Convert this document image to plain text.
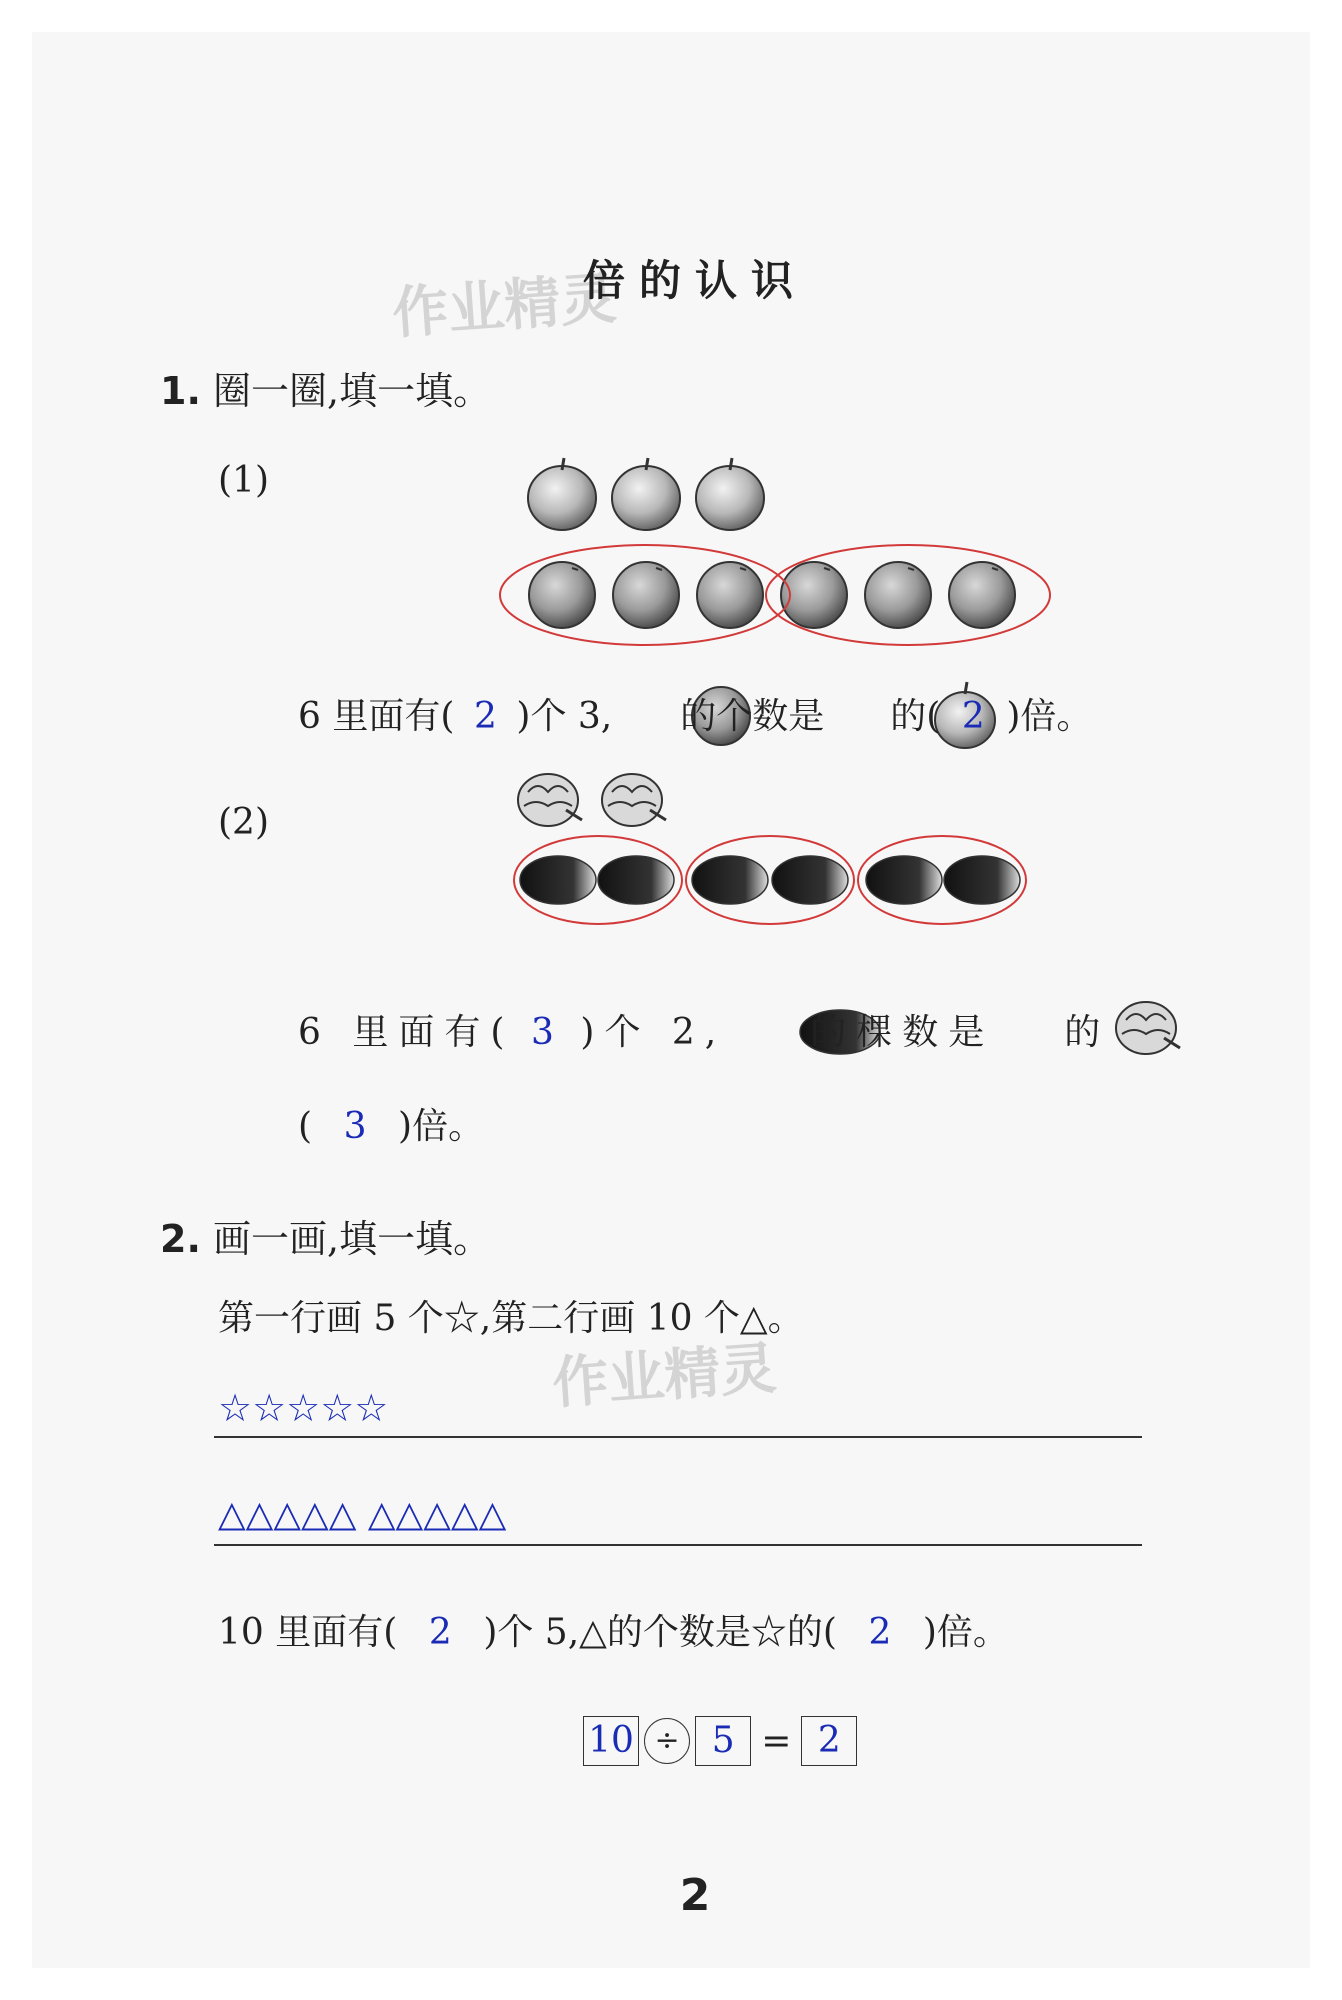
作业精灵
作业精灵
倍的认识
1. 圈一圈,填一填。
(1)
6 里面有( 2 )个 3, 的个数是 的( 2 )倍。
(2)
6 里面有( 3 )个 2, 的棵数是 的
( 3 )倍。
2. 画一画,填一填。
第一行画 5 个☆,第二行画 10 个△。
☆☆☆☆☆
△△△△△ △△△△△
10 里面有( 2 )个 5,△的个数是☆的( 2 )倍。
10 ÷ 5 = 2
2
